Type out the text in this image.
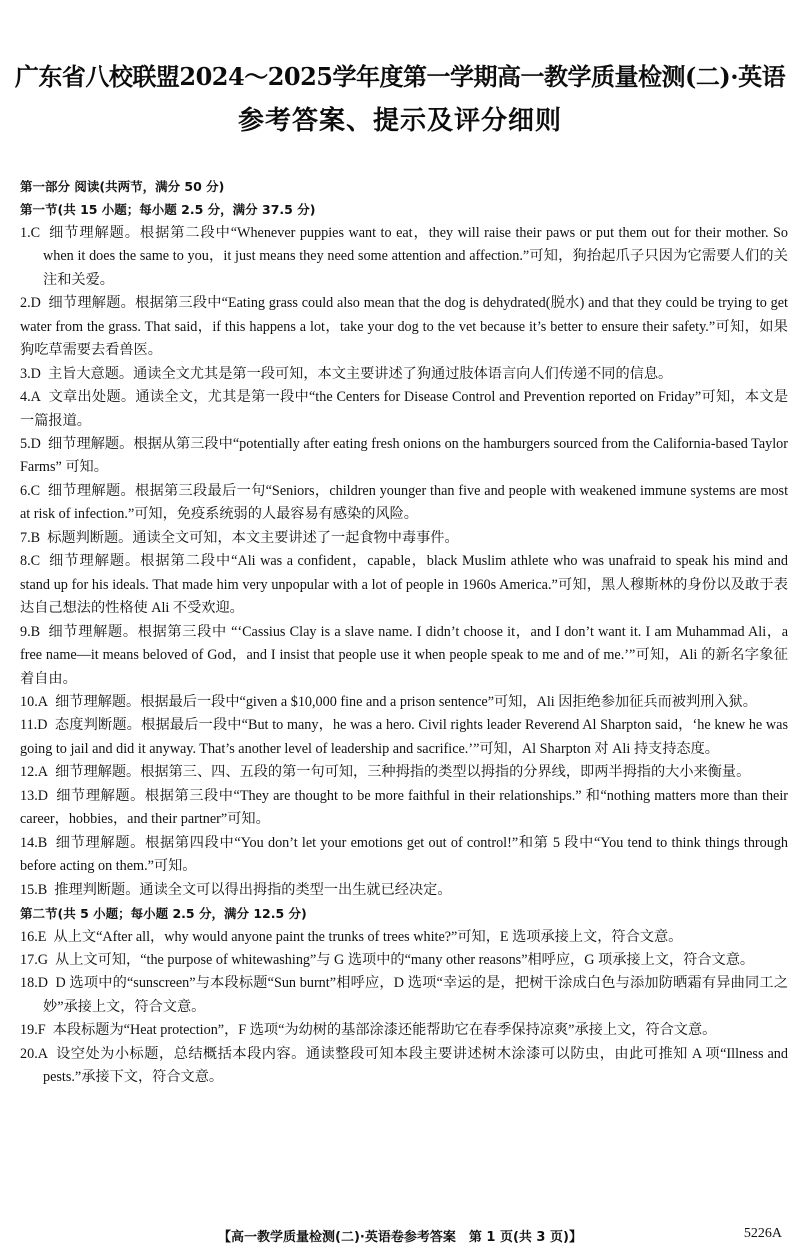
广东省八校联盟2024～2025学年度第一学期高一教学质量检测(二)·英语
参考答案、提示及评分细则
第一部分 阅读(共两节，满分 50 分)
第一节(共 15 小题；每小题 2.5 分，满分 37.5 分)
1.C 细节理解题。根据第二段中“Whenever puppies want to eat，they will raise their paws or put them out for their mother. So when it does the same to you，it just means they need some attention and affection.”可知，狗抬起爪子只因为它需要人们的关注和关爱。
2.D 细节理解题。根据第三段中“Eating grass could also mean that the dog is dehydrated(脱水) and that they could be trying to get water from the grass. That said，if this happens a lot，take your dog to the vet because it’s better to ensure their safety.”可知，如果狗吃草需要去看兽医。
3.D 主旨大意题。通读全文尤其是第一段可知，本文主要讲述了狗通过肢体语言向人们传递不同的信息。
4.A 文章出处题。通读全文，尤其是第一段中“the Centers for Disease Control and Prevention reported on Friday”可知，本文是一篇报道。
5.D 细节理解题。根据从第三段中“potentially after eating fresh onions on the hamburgers sourced from the California-based Taylor Farms” 可知。
6.C 细节理解题。根据第三段最后一句“Seniors，children younger than five and people with weakened immune systems are most at risk of infection.”可知，免疫系统弱的人最容易有感染的风险。
7.B 标题判断题。通读全文可知，本文主要讲述了一起食物中毒事件。
8.C 细节理解题。根据第二段中“Ali was a confident，capable，black Muslim athlete who was unafraid to speak his mind and stand up for his ideals. That made him very unpopular with a lot of people in 1960s America.”可知，黑人穆斯林的身份以及敢于表达自己想法的性格使 Ali 不受欢迎。
9.B 细节理解题。根据第三段中 “‘Cassius Clay is a slave name. I didn’t choose it，and I don’t want it. I am Muhammad Ali，a free name—it means beloved of God，and I insist that people use it when people speak to me and of me.’”可知，Ali 的新名字象征着自由。
10.A 细节理解题。根据最后一段中“given a $10,000 fine and a prison sentence”可知，Ali 因拒绝参加征兵而被判刑入狱。
11.D 态度判断题。根据最后一段中“But to many，he was a hero. Civil rights leader Reverend Al Sharpton said，‘he knew he was going to jail and did it anyway. That’s another level of leadership and sacrifice.’”可知，Al Sharpton 对 Ali 持支持态度。
12.A 细节理解题。根据第三、四、五段的第一句可知，三种拇指的类型以拇指的分界线，即两半拇指的大小来衡量。
13.D 细节理解题。根据第三段中“They are thought to be more faithful in their relationships.” 和“nothing matters more than their career，hobbies，and their partner”可知。
14.B 细节理解题。根据第四段中“You don’t let your emotions get out of control!”和第 5 段中“You tend to think things through before acting on them.”可知。
15.B 推理判断题。通读全文可以得出拇指的类型一出生就已经决定。
第二节(共 5 小题；每小题 2.5 分，满分 12.5 分)
16.E 从上文“After all，why would anyone paint the trunks of trees white?”可知，E 选项承接上文，符合文意。
17.G 从上文可知，“the purpose of whitewashing”与 G 选项中的“many other reasons”相呼应，G 项承接上文，符合文意。
18.D D 选项中的“sunscreen”与本段标题“Sun burnt”相呼应，D 选项“幸运的是，把树干涂成白色与添加防晒霜有异曲同工之妙”承接上文，符合文意。
19.F 本段标题为“Heat protection”，F 选项“为幼树的基部涂漆还能帮助它在春季保持凉爽”承接上文，符合文意。
20.A 设空处为小标题，总结概括本段内容。通读整段可知本段主要讲述树木涂漆可以防虫，由此可推知 A 项“Illness and pests.”承接下文，符合文意。
【高一教学质量检测(二)·英语卷参考答案　第 1 页(共 3 页)】	5226A
